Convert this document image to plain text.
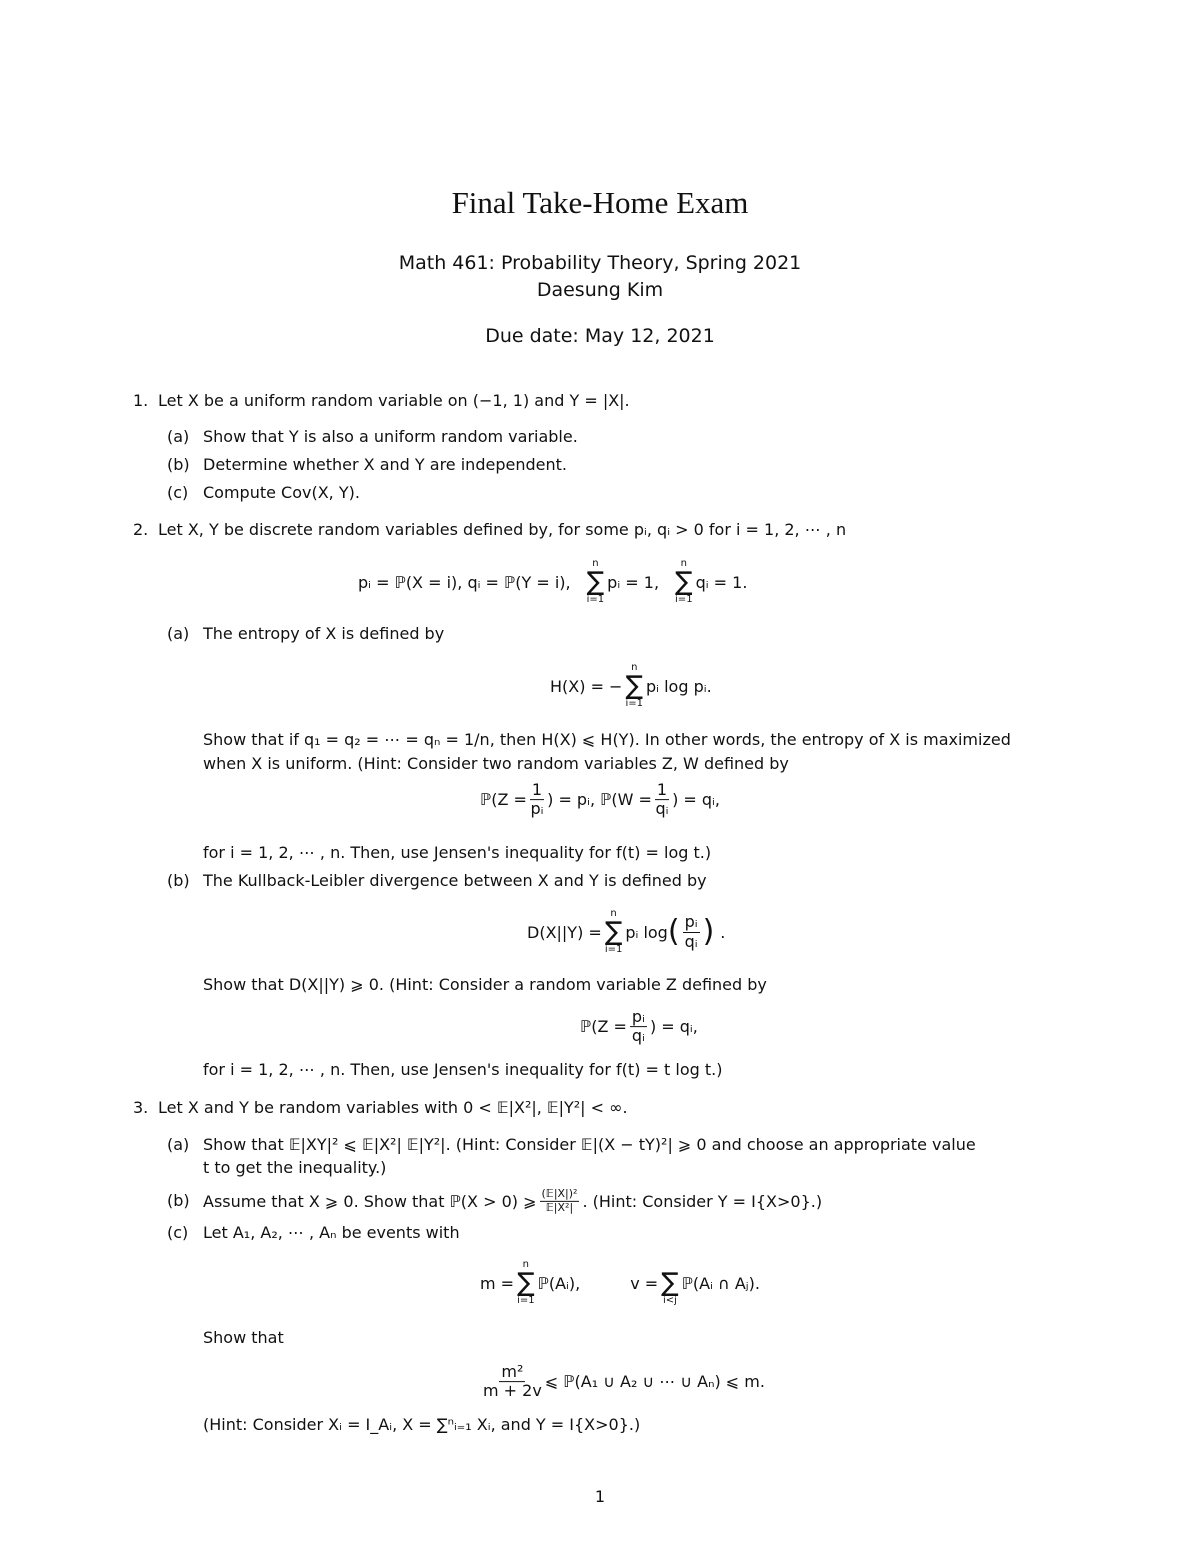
Final Take-Home Exam
Math 461: Probability Theory, Spring 2021
Daesung Kim
Due date: May 12, 2021
1. Let X be a uniform random variable on (−1, 1) and Y = |X|.
(a) Show that Y is also a uniform random variable.
(b) Determine whether X and Y are independent.
(c) Compute Cov(X, Y).
2. Let X, Y be discrete random variables defined by, for some pᵢ, qᵢ > 0 for i = 1, 2, ⋯ , n
pᵢ = ℙ(X = i), qᵢ = ℙ(Y = i),
n
∑
i=1
pᵢ = 1,
n
∑
i=1
qᵢ = 1.
(a) The entropy of X is defined by
H(X) = −
n
∑
i=1
pᵢ log pᵢ.
Show that if q₁ = q₂ = ⋯ = qₙ = 1/n, then H(X) ⩽ H(Y). In other words, the entropy of X is maximized
when X is uniform. (Hint: Consider two random variables Z, W defined by
ℙ(Z = $\frac{1}{\text{pᵢ}}$ ) = pᵢ, ℙ(W = $\frac{1}{\text{qᵢ}}$ ) = qᵢ,
for i = 1, 2, ⋯ , n. Then, use Jensen's inequality for f(t) = log t.)
(b) The Kullback-Leibler divergence between X and Y is defined by
D(X||Y) =
n
∑
i=1
pᵢ log ( pᵢ
qᵢ ) .
Show that D(X||Y) ⩾ 0. (Hint: Consider a random variable Z defined by
ℙ(Z = $\frac{\text{pᵢ}}{\text{qᵢ}}$ ) = qᵢ,
for i = 1, 2, ⋯ , n. Then, use Jensen's inequality for f(t) = t log t.)
3. Let X and Y be random variables with 0 < 𝔼|X²|, 𝔼|Y²| < ∞.
(a) Show that 𝔼|XY|² ⩽ 𝔼|X²| 𝔼|Y²|. (Hint: Consider 𝔼|(X − tY)²| ⩾ 0 and choose an appropriate value
t to get the inequality.)
(b) Assume that X ⩾ 0. Show that ℙ(X > 0) ⩾ (𝔼|X|)²
𝔼|X²| . (Hint: Consider Y = I{X>0}.)
(c) Let A₁, A₂, ⋯ , Aₙ be events with
m =
n
∑
i=1
ℙ(Aᵢ),	v =
∑
i<j
ℙ(Aᵢ ∩ Aⱼ).
Show that
m²
m + 2v ⩽ ℙ(A₁ ∪ A₂ ∪ ⋯ ∪ Aₙ) ⩽ m.
(Hint: Consider Xᵢ = I_Aᵢ, X = ∑ⁿᵢ₌₁ Xᵢ, and Y = I{X>0}.)
1
